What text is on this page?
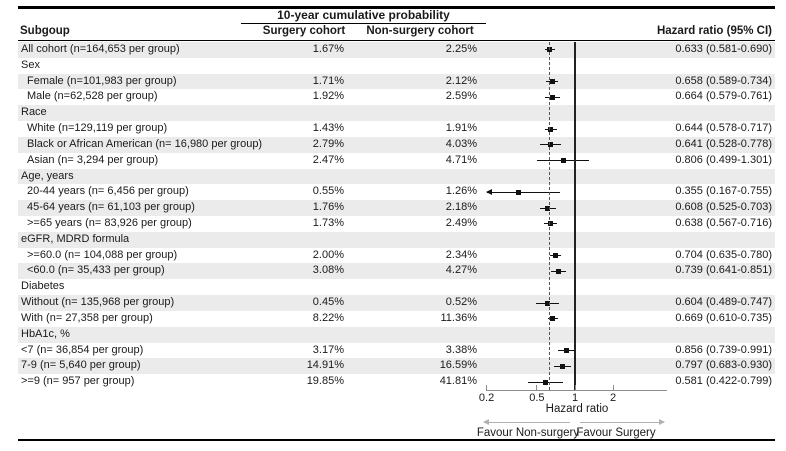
10-year cumulative probability
Subgoup	Surgery cohort	Non-surgery cohort	Hazard ratio (95% CI)
All cohort (n=164,653 per group)	1.67%	2.25%	0.633 (0.581-0.690)
Sex
Female (n=101,983 per group)	1.71%	2.12%	0.658 (0.589-0.734)
Male (n=62,528 per group)	1.92%	2.59%	0.664 (0.579-0.761)
Race
White (n=129,119 per group)	1.43%	1.91%	0.644 (0.578-0.717)
Black or African American (n= 16,980 per group)	2.79%	4.03%	0.641 (0.528-0.778)
Asian (n= 3,294 per group)	2.47%	4.71%	0.806 (0.499-1.301)
Age, years
20-44 years (n= 6,456 per group)	0.55%	1.26%	0.355 (0.167-0.755)
45-64 years (n= 61,103 per group)	1.76%	2.18%	0.608 (0.525-0.703)
>=65 years (n= 83,926 per group)	1.73%	2.49%	0.638 (0.567-0.716)
eGFR, MDRD formula
>=60.0 (n= 104,088 per group)	2.00%	2.34%	0.704 (0.635-0.780)
<60.0 (n= 35,433 per group)	3.08%	4.27%	0.739 (0.641-0.851)
Diabetes
Without (n= 135,968 per group)	0.45%	0.52%	0.604 (0.489-0.747)
With (n= 27,358 per group)	8.22%	11.36%	0.669 (0.610-0.735)
HbA1c, %
<7 (n= 36,854 per group)	3.17%	3.38%	0.856 (0.739-0.991)
7-9 (n= 5,640 per group)	14.91%	16.59%	0.797 (0.683-0.930)
>=9 (n= 957 per group)	19.85%	41.81%	0.581 (0.422-0.799)
0.2	0.5	1	2
Hazard ratio
Favour Non-surgery
Favour Surgery
